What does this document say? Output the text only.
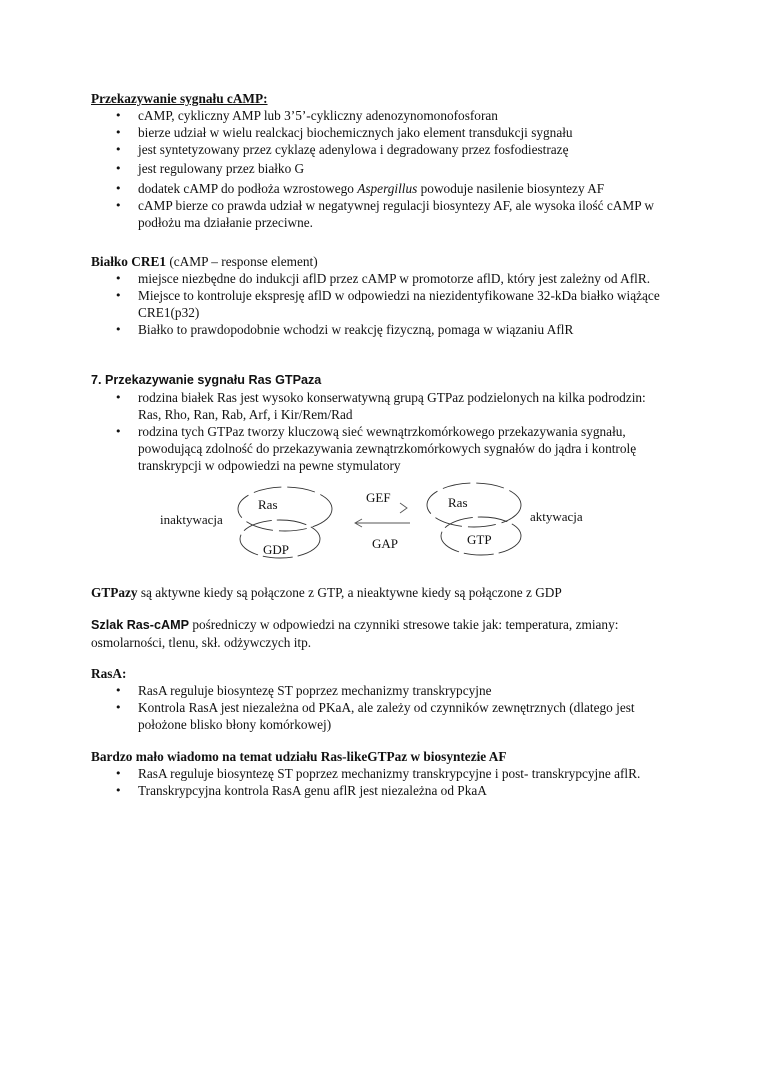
Przekazywanie sygnału cAMP:

• cAMP, cykliczny AMP lub 3’5’-cykliczny adenozynomonofosforan
• bierze udział w wielu realckacj biochemicznych jako element transdukcji sygnału
• jest syntetyzowany przez cyklazę adenylowa i degradowany przez fosfodiestrazę
• jest regulowany przez białko G
• dodatek cAMP do podłoża wzrostowego Aspergillus powoduje nasilenie biosyntezy AF
• cAMP bierze co prawda udział w negatywnej regulacji biosyntezy AF, ale wysoka ilość cAMP w podłożu ma działanie przeciwne.

Białko CRE1 (cAMP – response element)

• miejsce niezbędne do indukcji aflD przez cAMP w promotorze aflD, który jest zależny od AflR.
• Miejsce to kontroluje ekspresję aflD w odpowiedzi na niezidentyfikowane 32-kDa białko wiążące CRE1(p32)
• Białko to prawdopodobnie wchodzi w reakcję fizyczną, pomaga w wiązaniu AflR

7. Przekazywanie sygnału Ras GTPaza

• rodzina białek Ras jest wysoko konserwatywną grupą GTPaz podzielonych na kilka podrodzin: Ras, Rho, Ran, Rab, Arf, i Kir/Rem/Rad
• rodzina tych GTPaz tworzy kluczową sieć wewnątrzkomórkowego przekazywania sygnału, powodującą zdolność do przekazywania zewnątrzkomórkowych sygnałów do jądra i kontrolę transkrypcji w odpowiedzi na pewne stymulatory
inaktywacja
Ras
GDP
GEF
GAP
Ras
GTP
aktywacja

GTPazy są aktywne kiedy są połączone z GTP, a nieaktywne kiedy są połączone z GDP

Szlak Ras-cAMP pośredniczy w odpowiedzi na czynniki stresowe takie jak: temperatura, zmiany: osmolarności, tlenu, skł. odżywczych itp.

RasA:

• RasA reguluje biosyntezę ST poprzez mechanizmy transkrypcyjne
• Kontrola RasA jest niezależna od PKaA, ale zależy od czynników zewnętrznych (dlatego jest położone blisko błony komórkowej)

Bardzo mało wiadomo na temat udziału Ras-likeGTPaz w biosyntezie AF

• RasA reguluje biosyntezę ST poprzez mechanizmy transkrypcyjne i post- transkrypcyjne aflR.
• Transkrypcyjna kontrola RasA genu aflR jest niezależna od PkaA
